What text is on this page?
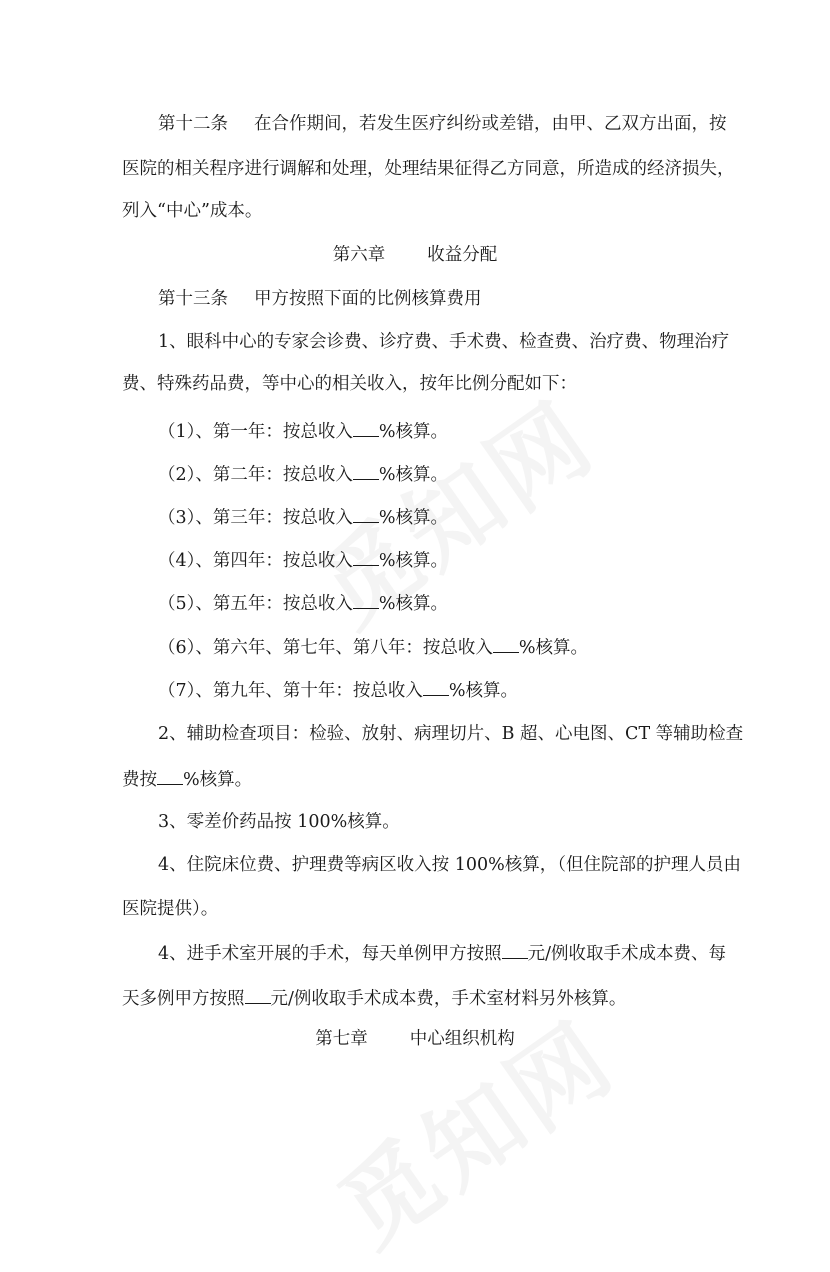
第十二条 在合作期间，若发生医疗纠纷或差错，由甲、乙双方出面，按
医院的相关程序进行调解和处理，处理结果征得乙方同意，所造成的经济损失，
列入“中心”成本。
第六章 收益分配
第十三条 甲方按照下面的比例核算费用
1、眼科中心的专家会诊费、诊疗费、手术费、检查费、治疗费、物理治疗
费、特殊药品费，等中心的相关收入，按年比例分配如下：
（1）、第一年：按总收入 %核算。
（2）、第二年：按总收入 %核算。
（3）、第三年：按总收入 %核算。
（4）、第四年：按总收入 %核算。
（5）、第五年：按总收入 %核算。
（6）、第六年、第七年、第八年：按总收入 %核算。
（7）、第九年、第十年：按总收入 %核算。
2、辅助检查项目：检验、放射、病理切片、B 超、心电图、CT 等辅助检查
费按 %核算。
3、零差价药品按 100%核算。
4、住院床位费、护理费等病区收入按 100%核算，（但住院部的护理人员由
医院提供）。
4、进手术室开展的手术，每天单例甲方按照 元/例收取手术成本费、每
天多例甲方按照 元/例收取手术成本费，手术室材料另外核算。
第七章 中心组织机构
